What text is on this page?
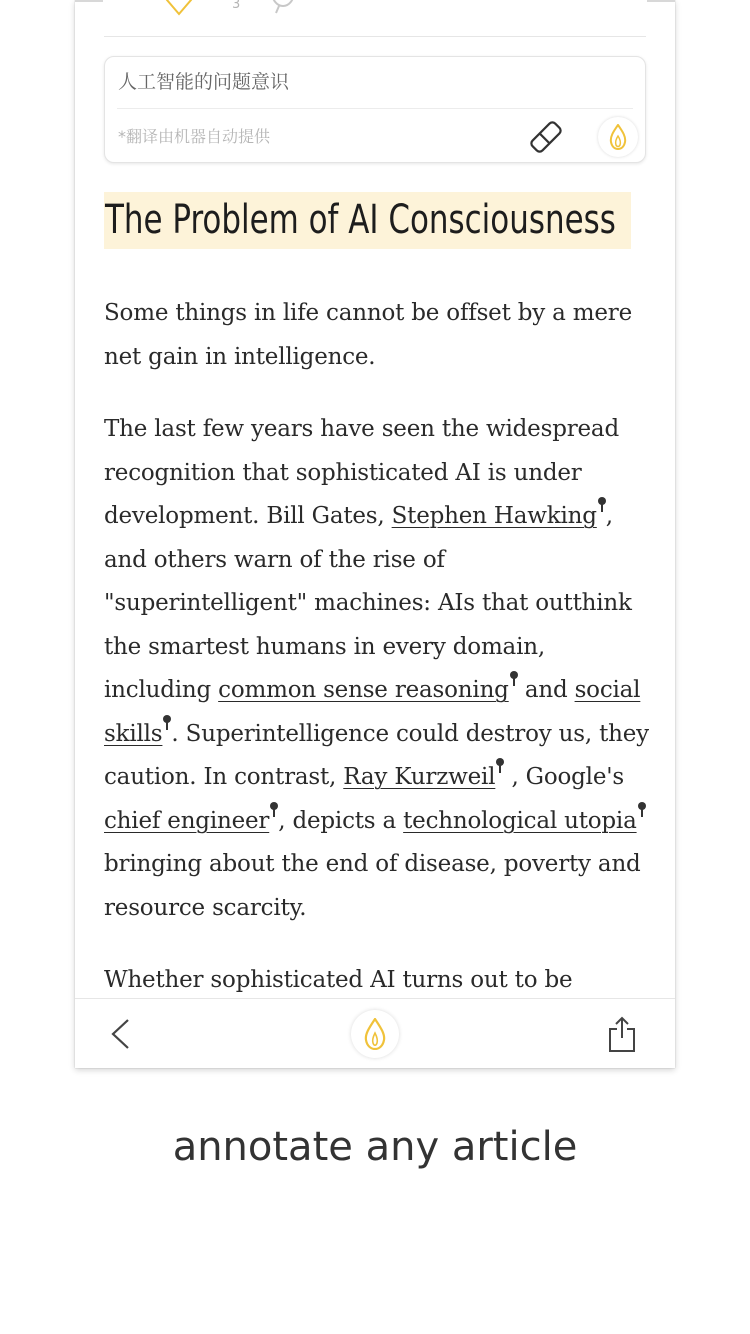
3
人工智能的问题意识
*翻译由机器自动提供
The Problem of AI Consciousness

Some things in life cannot be offset by a mere net gain in intelligence.

The last few years have seen the widespread recognition that sophisticated AI is under development. Bill Gates, Stephen Hawking , and others warn of the rise of "superintelligent" machines: AIs that outthink the smartest humans in every domain, including common sense reasoning and social skills . Superintelligence could destroy us, they caution. In contrast, Ray Kurzweil , Google's chief engineer , depicts a technological utopia bringing about the end of disease, poverty and resource scarcity.

Whether sophisticated AI turns out to be

annotate any article
